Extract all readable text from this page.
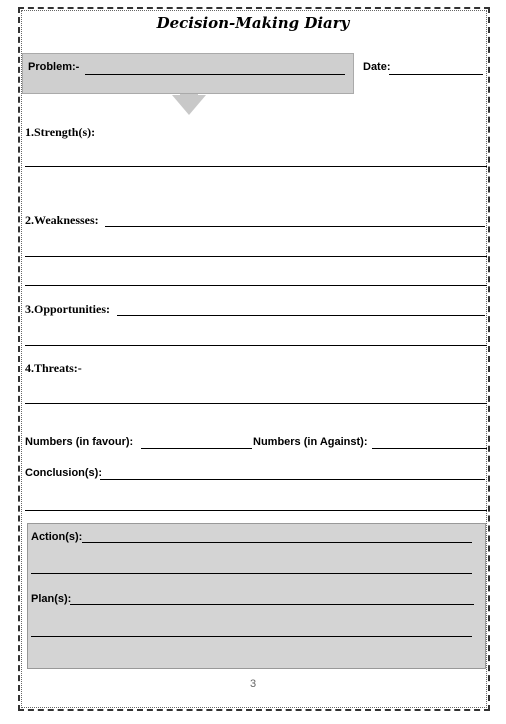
Decision-Making Diary
Problem:-	Date:
1.Strength(s):
2.Weaknesses:
3.Opportunities:
4.Threats:-
Numbers (in favour):	Numbers (in Against):
Conclusion(s):
Action(s):
Plan(s):
3
